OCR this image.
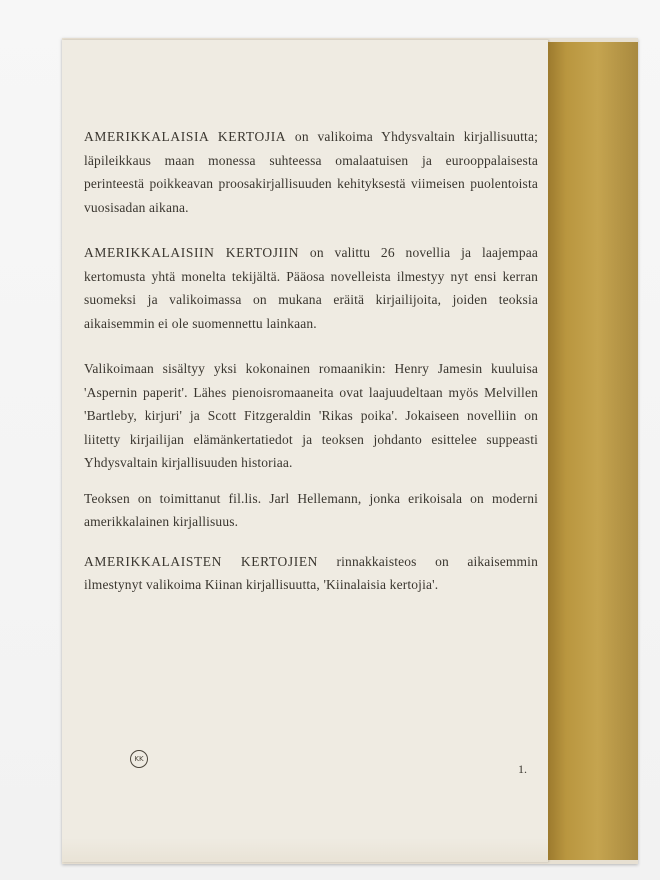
AMERIKKALAISIA KERTOJIA on valikoima Yhdysvaltain kirjallisuutta; läpileikkaus maan monessa suhteessa omalaatuisen ja eurooppalaisesta perinteestä poikkeavan proosakirjallisuuden kehityksestä viimeisen puolentoista vuosisadan aikana.

AMERIKKALAISIIN KERTOJIIN on valittu 26 novellia ja laajempaa kertomusta yhtä monelta tekijältä. Pääosa novelleista ilmestyy nyt ensi kerran suomeksi ja valikoimassa on mukana eräitä kirjailijoita, joiden teoksia aikaisemmin ei ole suomennettu lainkaan.

Valikoimaan sisältyy yksi kokonainen romaanikin: Henry Jamesin kuuluisa 'Aspernin paperit'. Lähes pienoisromaaneita ovat laajuudeltaan myös Melvillen 'Bartleby, kirjuri' ja Scott Fitzgeraldin 'Rikas poika'. Jokaiseen novelliin on liitetty kirjailijan elämänkertatiedot ja teoksen johdanto esittelee suppeasti Yhdysvaltain kirjallisuuden historiaa.

Teoksen on toimittanut fil.lis. Jarl Hellemann, jonka erikoisala on moderni amerikkalainen kirjallisuus.

AMERIKKALAISTEN KERTOJIEN rinnakkaisteos on aikaisemmin ilmestynyt valikoima Kiinan kirjallisuutta, 'Kiinalaisia kertojia'.

KK
1.
